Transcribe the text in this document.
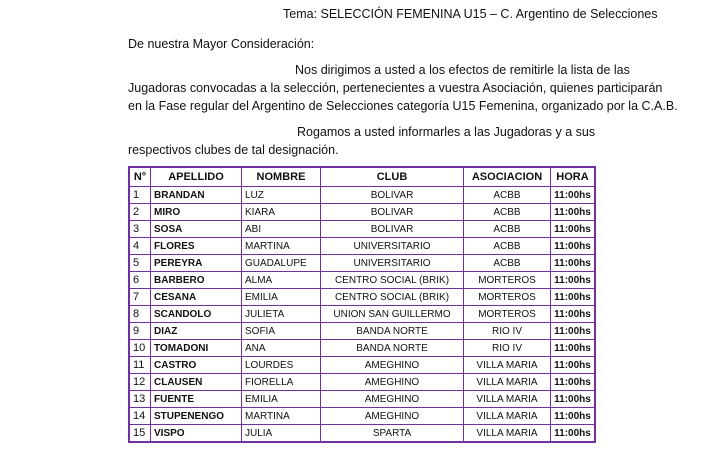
Tema: SELECCIÓN FEMENINA U15 – C. Argentino de Selecciones
De nuestra Mayor Consideración:
Nos dirigimos a usted a los efectos de remitirle la lista de las
Jugadoras convocadas a la selección, pertenecientes a vuestra Asociación, quienes participarán
en la Fase regular del Argentino de Selecciones categoría U15 Femenina, organizado por la C.A.B.
Rogamos a usted informarles a las Jugadoras y a sus
respectivos clubes de tal designación.
N°	APELLIDO	NOMBRE	CLUB	ASOCIACION	HORA
1	BRANDAN	LUZ	BOLIVAR	ACBB	11:00hs
2	MIRO	KIARA	BOLIVAR	ACBB	11:00hs
3	SOSA	ABI	BOLIVAR	ACBB	11:00hs
4	FLORES	MARTINA	UNIVERSITARIO	ACBB	11:00hs
5	PEREYRA	GUADALUPE	UNIVERSITARIO	ACBB	11:00hs
6	BARBERO	ALMA	CENTRO SOCIAL (BRIK)	MORTEROS	11:00hs
7	CESANA	EMILIA	CENTRO SOCIAL (BRIK)	MORTEROS	11:00hs
8	SCANDOLO	JULIETA	UNION SAN GUILLERMO	MORTEROS	11:00hs
9	DIAZ	SOFIA	BANDA NORTE	RIO IV	11:00hs
10	TOMADONI	ANA	BANDA NORTE	RIO IV	11:00hs
11	CASTRO	LOURDES	AMEGHINO	VILLA MARIA	11:00hs
12	CLAUSEN	FIORELLA	AMEGHINO	VILLA MARIA	11:00hs
13	FUENTE	EMILIA	AMEGHINO	VILLA MARIA	11:00hs
14	STUPENENGO	MARTINA	AMEGHINO	VILLA MARIA	11:00hs
15	VISPO	JULIA	SPARTA	VILLA MARIA	11:00hs
